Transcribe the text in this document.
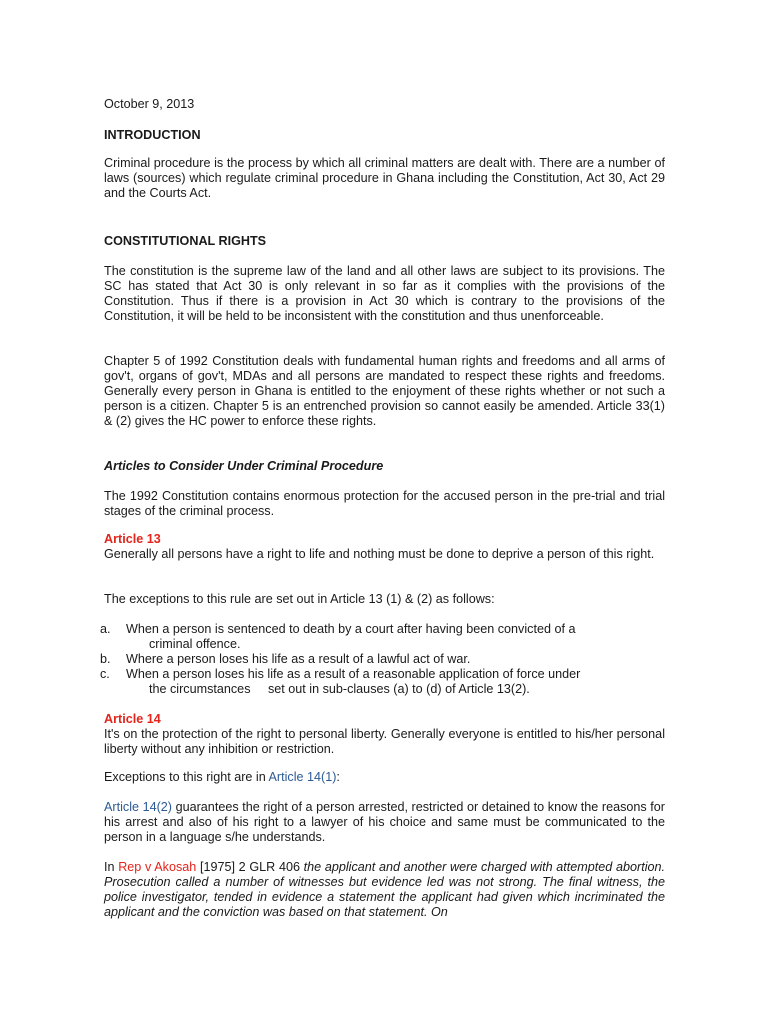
October 9, 2013

INTRODUCTION

Criminal procedure is the process by which all criminal matters are dealt with. There are a number of laws (sources) which regulate criminal procedure in Ghana including the Constitution, Act 30, Act 29 and the Courts Act.

CONSTITUTIONAL RIGHTS

The constitution is the supreme law of the land and all other laws are subject to its provisions. The SC has stated that Act 30 is only relevant in so far as it complies with the provisions of the Constitution. Thus if there is a provision in Act 30 which is contrary to the provisions of the Constitution, it will be held to be inconsistent with the constitution and thus unenforceable.

Chapter 5 of 1992 Constitution deals with fundamental human rights and freedoms and all arms of gov't, organs of gov't, MDAs and all persons are mandated to respect these rights and freedoms. Generally every person in Ghana is entitled to the enjoyment of these rights whether or not such a person is a citizen. Chapter 5 is an entrenched provision so cannot easily be amended. Article 33(1) & (2) gives the HC power to enforce these rights.

Articles to Consider Under Criminal Procedure

The 1992 Constitution contains enormous protection for the accused person in the pre-trial and trial stages of the criminal process.

Article 13

Generally all persons have a right to life and nothing must be done to deprive a person of this right.

The exceptions to this rule are set out in Article 13 (1) & (2) as follows:

a.	When a person is sentenced to death by a court after having been convicted of a
criminal offence.
b.	Where a person loses his life as a result of a lawful act of war.
c.	When a person loses his life as a result of a reasonable application of force under
the circumstances     set out in sub-clauses (a) to (d) of Article 13(2).

Article 14

It's on the protection of the right to personal liberty. Generally everyone is entitled to his/her personal liberty without any inhibition or restriction.

Exceptions to this right are in Article 14(1):

Article 14(2) guarantees the right of a person arrested, restricted or detained to know the reasons for his arrest and also of his right to a lawyer of his choice and same must be communicated to the person in a language s/he understands.

In Rep v Akosah [1975] 2 GLR 406 the applicant and another were charged with attempted abortion. Prosecution called a number of witnesses but evidence led was not strong. The final witness, the police investigator, tended in evidence a statement the applicant had given which incriminated the applicant and the conviction was based on that statement. On
